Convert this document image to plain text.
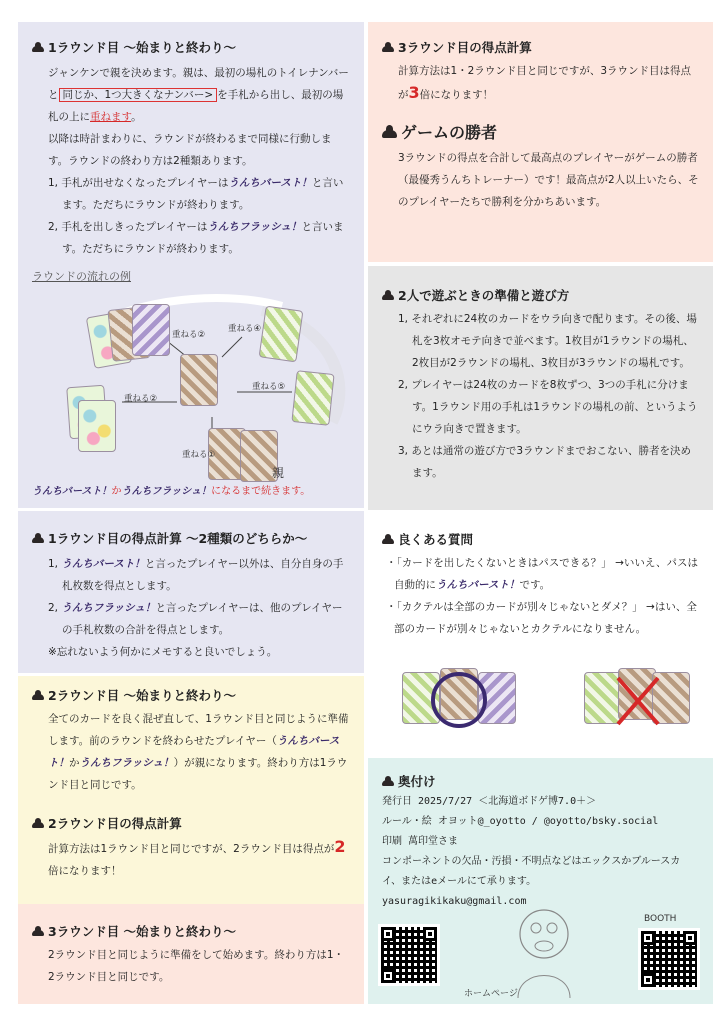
1ラウンド目 ～始まりと終わり～

ジャンケンで親を決めます。親は、最初の場札のトイレナンバーと 同じか、1つ大きくなナンバー> を手札から出し、最初の場札の上に重ねます。

以降は時計まわりに、ラウンドが終わるまで同様に行動します。ラウンドの終わり方は2種類あります。

1, 手札が出せなくなったプレイヤーはうんちバースト！と言います。ただちにラウンドが終わります。

2, 手札を出しきったプレイヤーはうんちフラッシュ！と言います。ただちにラウンドが終わります。

ラウンドの流れの例
重ねる②
重ねる④
重ねる②
重ねる⑤
重ねる①
親
うんちバースト！かうんちフラッシュ！になるまで続きます。
1ラウンド目の得点計算 ～2種類のどちらか～

1, うんちバースト！と言ったプレイヤー以外は、自分自身の手札枚数を得点とします。

2, うんちフラッシュ！と言ったプレイヤーは、他のプレイヤーの手札枚数の合計を得点とします。

※忘れないよう何かにメモすると良いでしょう。

2ラウンド目 ～始まりと終わり～

全てのカードを良く混ぜ直して、1ラウンド目と同じように準備します。前のラウンドを終わらせたプレイヤー（うんちバースト！かうんちフラッシュ！）が親になります。終わり方は1ラウンド目と同じです。

2ラウンド目の得点計算

計算方法は1ラウンド目と同じですが、2ラウンド目は得点が2倍になります！

3ラウンド目 ～始まりと終わり～

2ラウンド目と同じように準備をして始めます。終わり方は1・2ラウンド目と同じです。

3ラウンド目の得点計算

計算方法は1・2ラウンド目と同じですが、3ラウンド目は得点が3倍になります！

ゲームの勝者

3ラウンドの得点を合計して最高点のプレイヤーがゲームの勝者（最優秀うんちトレーナー）です！最高点が2人以上いたら、そのプレイヤーたちで勝利を分かちあいます。

2人で遊ぶときの準備と遊び方

1, それぞれに24枚のカードをウラ向きで配ります。その後、場札を3枚オモテ向きで並べます。1枚目が1ラウンドの場札、2枚目が2ラウンドの場札、3枚目が3ラウンドの場札です。

2, プレイヤーは24枚のカードを8枚ずつ、3つの手札に分けます。1ラウンド用の手札は1ラウンドの場札の前、というようにウラ向きで置きます。

3, あとは通常の遊び方で3ラウンドまでおこない、勝者を決めます。

良くある質問

・「カードを出したくないときはパスできる？」 →いいえ、パスは自動的にうんちバースト！です。

・「カクテルは全部のカードが別々じゃないとダメ？」 →はい、全部のカードが別々じゃないとカクテルになりません。

奥付け
発行日 2025/7/27 ＜北海道ボドゲ博7.0＋＞
ルール・絵 オヨット@_oyotto / @oyotto/bsky.social
印刷 萬印堂さま
コンポーネントの欠品・汚損・不明点などはエックスかブルースカイ、またはeメールにて承ります。
yasuragikikaku@gmail.com
ホームページ
BOOTH
